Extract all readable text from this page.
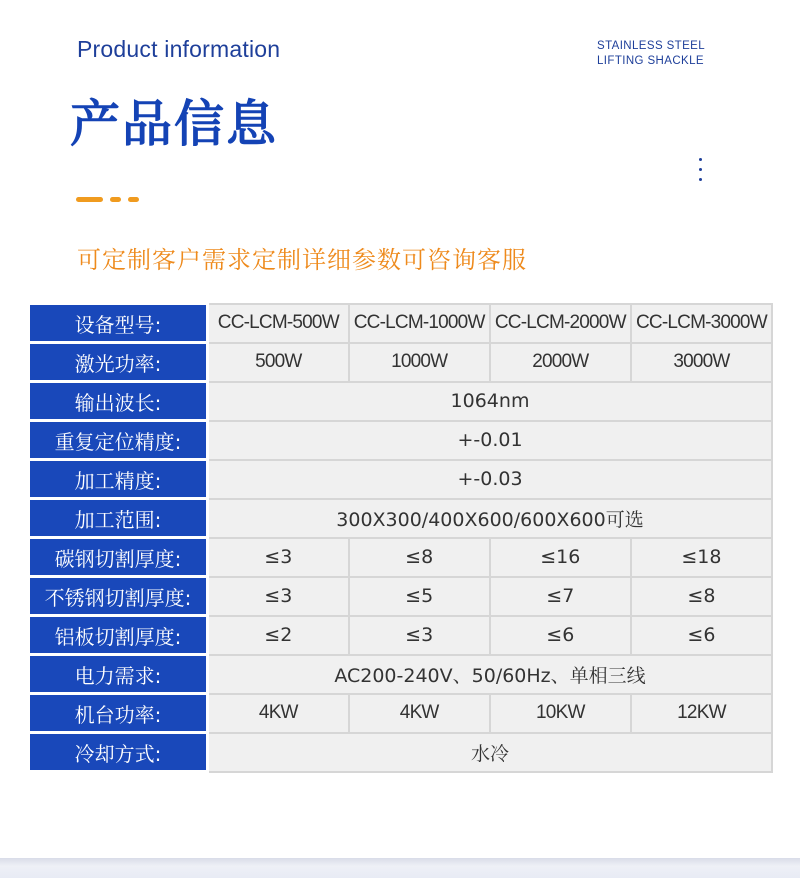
Product information	STAINLESS STEEL
LIFTING SHACKLE
产品信息
可定制客户需求定制详细参数可咨询客服
设备型号:	CC-LCM-500W	CC-LCM-1000W	CC-LCM-2000W	CC-LCM-3000W
激光功率:	500W	1000W	2000W	3000W
输出波长:	1064nm			
重复定位精度:	+-0.01			
加工精度:	+-0.03			
加工范围:	300X300/400X600/600X600可选			
碳钢切割厚度:	≤3	≤8	≤16	≤18
不锈钢切割厚度:	≤3	≤5	≤7	≤8
铝板切割厚度:	≤2	≤3	≤6	≤6
电力需求:	AC200-240V、50/60Hz、单相三线			
机台功率:	4KW	4KW	10KW	12KW
冷却方式:	水冷			
